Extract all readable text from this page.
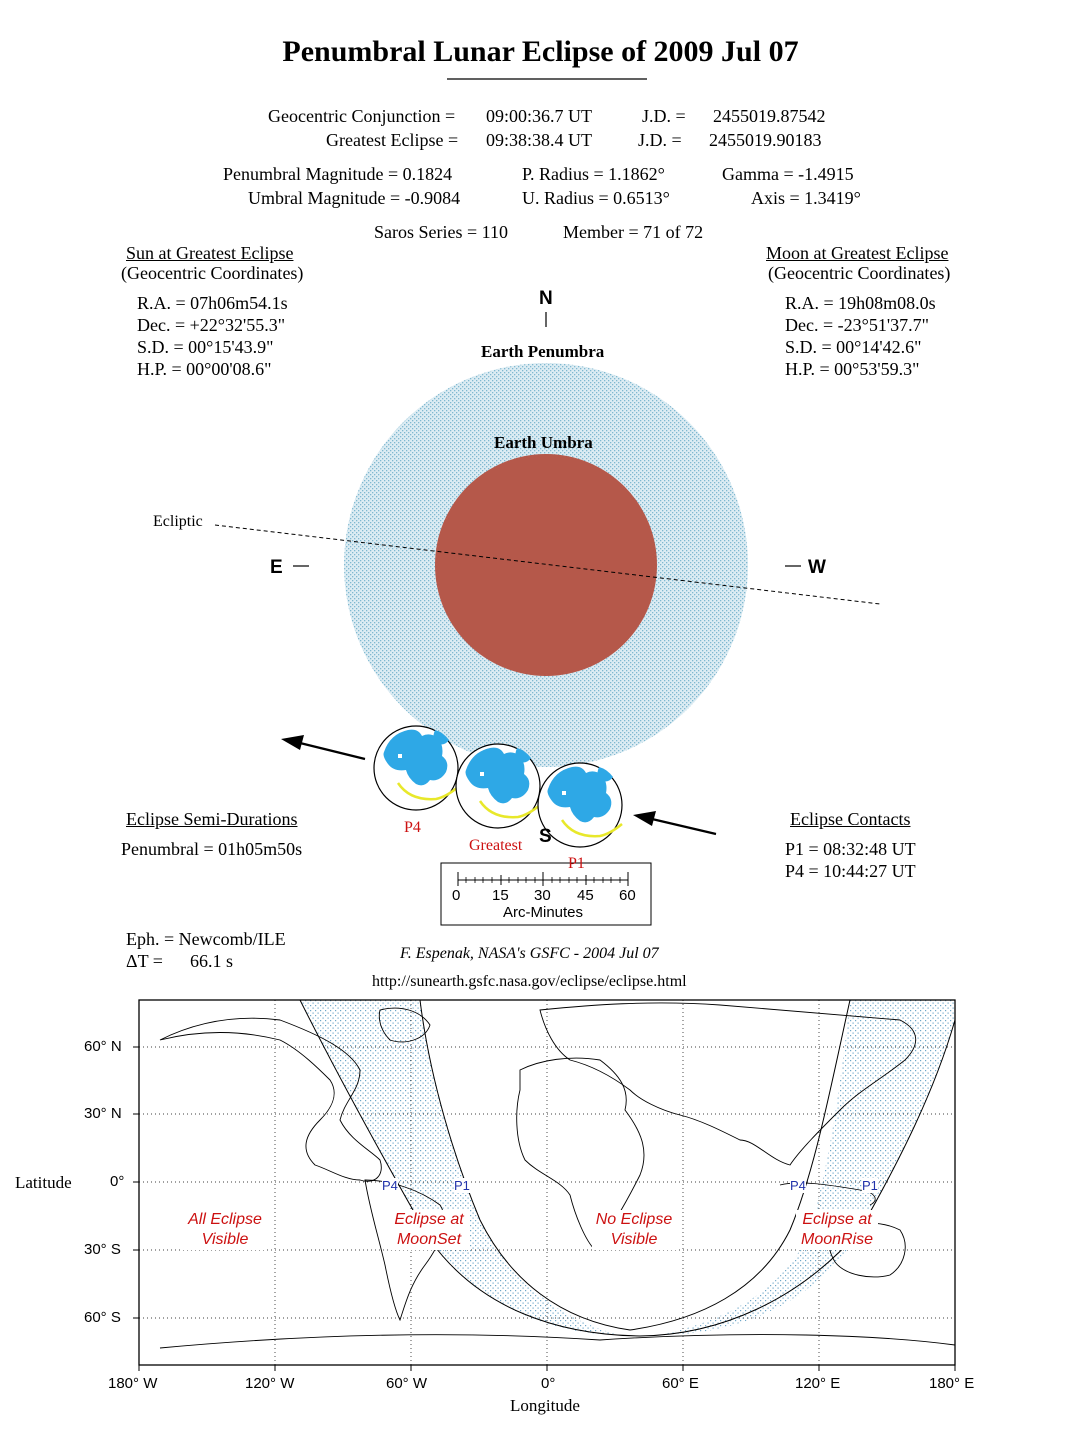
Penumbral Lunar Eclipse of 2009 Jul 07
Geocentric Conjunction = 09:00:36.7 UT	J.D. = 2455019.87542
Greatest Eclipse = 09:38:38.4 UT	J.D. = 2455019.90183
Penumbral Magnitude = 0.1824	P. Radius = 1.1862°	Gamma = -1.4915
Umbral Magnitude = -0.9084	U. Radius = 0.6513°	Axis = 1.3419°
Saros Series = 110	Member = 71 of 72
Sun at Greatest Eclipse
(Geocentric Coordinates)
R.A. = 07h06m54.1s
Dec. = +22°32'55.3"
S.D. = 00°15'43.9"
H.P. = 00°00'08.6"
Moon at Greatest Eclipse
(Geocentric Coordinates)
R.A. = 19h08m08.0s
Dec. = -23°51'37.7"
S.D. = 00°14'42.6"
H.P. = 00°53'59.3"
N
S
E	W
Earth Penumbra
Earth Umbra
Ecliptic
P4
Greatest
P1
0 15 30 45 60
Arc-Minutes
Eclipse Semi-Durations
Penumbral = 01h05m50s
Eclipse Contacts
P1 = 08:32:48 UT
P4 = 10:44:27 UT
Eph. = Newcomb/ILE
ΔT = 66.1 s	F. Espenak, NASA's GSFC - 2004 Jul 07
http://sunearth.gsfc.nasa.gov/eclipse/eclipse.html
Latitude
Longitude
60° N
30° N
0°
30° S
60° S
180° W	120° W	60° W	0°	60° E	120° E	180° E
All Eclipse
Visible
Eclipse at
MoonSet
No Eclipse
Visible
Eclipse at
MoonRise
P4	P1	P4	P1
